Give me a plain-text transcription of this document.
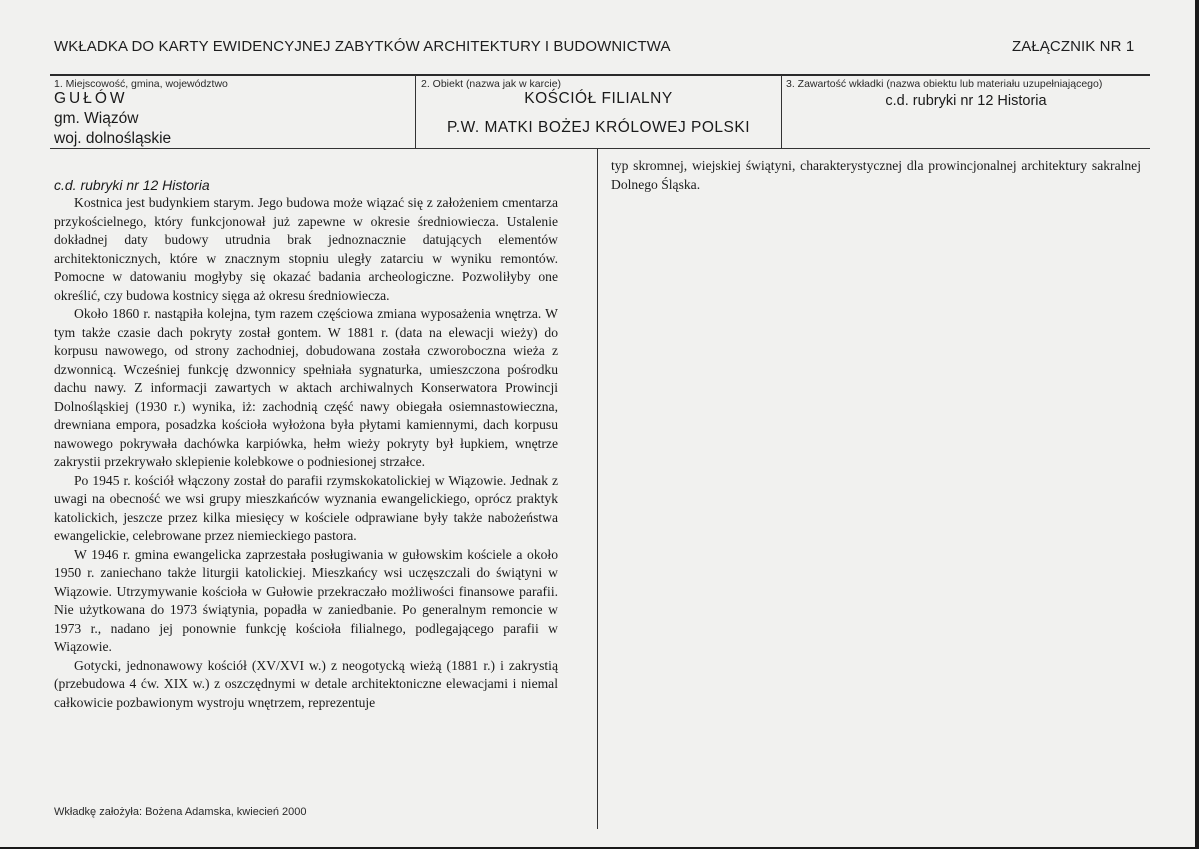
WKŁADKA DO KARTY EWIDENCYJNEJ ZABYTKÓW ARCHITEKTURY I BUDOWNICTWA	ZAŁĄCZNIK NR 1
1. Miejscowość, gmina, województwo
GUŁÓW
gm. Wiązów
woj. dolnośląskie
2. Obiekt (nazwa jak w karcie)
KOŚCIÓŁ FILIALNY
P.W. MATKI BOŻEJ KRÓLOWEJ POLSKI
3. Zawartość wkładki (nazwa obiektu lub materiału uzupełniającego)
c.d. rubryki nr 12 Historia
c.d. rubryki nr 12 Historia

Kostnica jest budynkiem starym. Jego budowa może wiązać się z założeniem cmentarza przykościelnego, który funkcjonował już zapewne w okresie średniowiecza. Ustalenie dokładnej daty budowy utrudnia brak jednoznacznie datujących elementów architektonicznych, które w znacznym stopniu uległy zatarciu w wyniku remontów. Pomocne w datowaniu mogłyby się okazać badania archeologiczne. Pozwoliłyby one określić, czy budowa kostnicy sięga aż okresu średniowiecza.

Około 1860 r. nastąpiła kolejna, tym razem częściowa zmiana wyposażenia wnętrza. W tym także czasie dach pokryty został gontem. W 1881 r. (data na elewacji wieży) do korpusu nawowego, od strony zachodniej, dobudowana została czworoboczna wieża z dzwonnicą. Wcześniej funkcję dzwonnicy spełniała sygnaturka, umieszczona pośrodku dachu nawy. Z informacji zawartych w aktach archiwalnych Konserwatora Prowincji Dolnośląskiej (1930 r.) wynika, iż: zachodnią część nawy obiegała osiemnastowieczna, drewniana empora, posadzka kościoła wyłożona była płytami kamiennymi, dach korpusu nawowego pokrywała dachówka karpiówka, hełm wieży pokryty był łupkiem, wnętrze zakrystii przekrywało sklepienie kolebkowe o podniesionej strzałce.

Po 1945 r. kościół włączony został do parafii rzymskokatolickiej w Wiązowie. Jednak z uwagi na obecność we wsi grupy mieszkańców wyznania ewangelickiego, oprócz praktyk katolickich, jeszcze przez kilka miesięcy w kościele odprawiane były także nabożeństwa ewangelickie, celebrowane przez niemieckiego pastora.

W 1946 r. gmina ewangelicka zaprzestała posługiwania w gułowskim kościele a około 1950 r. zaniechano także liturgii katolickiej. Mieszkańcy wsi uczęszczali do świątyni w Wiązowie. Utrzymywanie kościoła w Gułowie przekraczało możliwości finansowe parafii. Nie użytkowana do 1973 świątynia, popadła w zaniedbanie. Po generalnym remoncie w 1973 r., nadano jej ponownie funkcję kościoła filialnego, podlegającego parafii w Wiązowie.

Gotycki, jednonawowy kościół (XV/XVI w.) z neogotycką wieżą (1881 r.) i zakrystią (przebudowa 4 ćw. XIX w.) z oszczędnymi w detale architektoniczne elewacjami i niemal całkowicie pozbawionym wystroju wnętrzem, reprezentuje

typ skromnej, wiejskiej świątyni, charakterystycznej dla prowincjonalnej architektury sakralnej Dolnego Śląska.

Wkładkę założyła: Bożena Adamska, kwiecień 2000
